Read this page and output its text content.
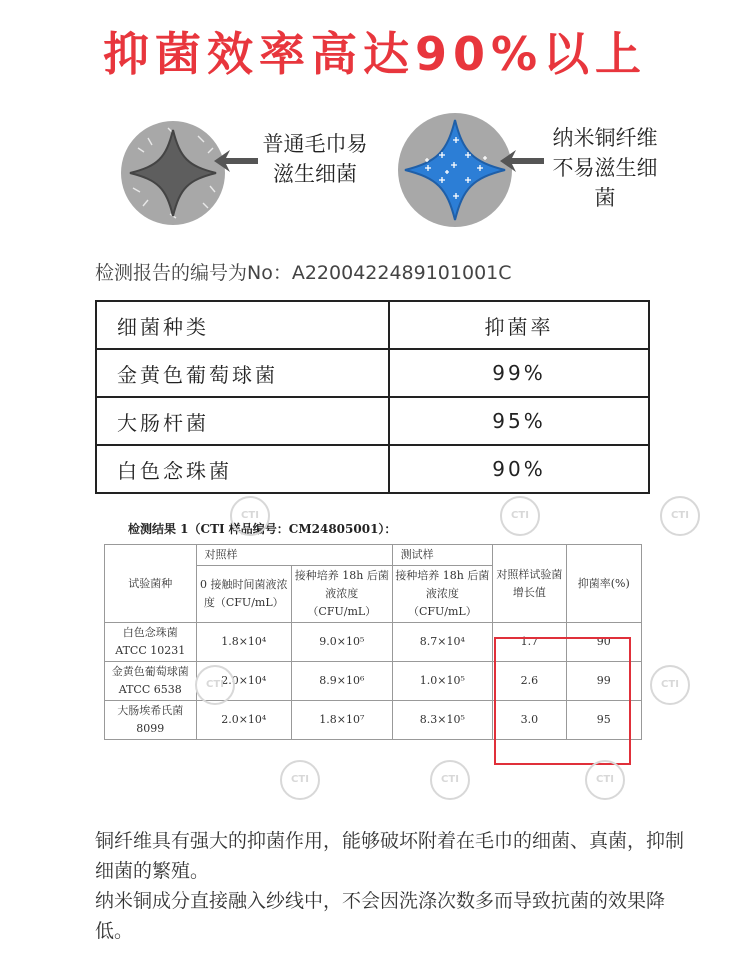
抑菌效率高达90%以上
普通毛巾易
滋生细菌
纳米铜纤维
不易滋生细
菌
检测报告的编号为No：A2200422489101001C
细菌种类	抑菌率
金黄色葡萄球菌	99%
大肠杆菌	95%
白色念珠菌	90%
检测结果 1（CTI 样品编号：CM24805001）：
试验菌种	对照样		测试样	对照样试验菌增长值	抑菌率(%)
	0 接触时间菌液浓度（CFU/mL）	接种培养 18h 后菌液浓度（CFU/mL）	接种培养 18h 后菌液浓度（CFU/mL）		
白色念珠菌 ATCC 10231	1.8×10⁴	9.0×10⁵	8.7×10⁴	1.7	90
金黄色葡萄球菌 ATCC 6538	2.0×10⁴	8.9×10⁶	1.0×10⁵	2.6	99
大肠埃希氏菌 8099	2.0×10⁴	1.8×10⁷	8.3×10⁵	3.0	95
CTI	CTI	CTI
CTI	CTI
CTI	CTI	CTI
铜纤维具有强大的抑菌作用，能够破坏附着在毛巾的细菌、真菌，抑制细菌的繁殖。
纳米铜成分直接融入纱线中，不会因洗涤次数多而导致抗菌的效果降低。
